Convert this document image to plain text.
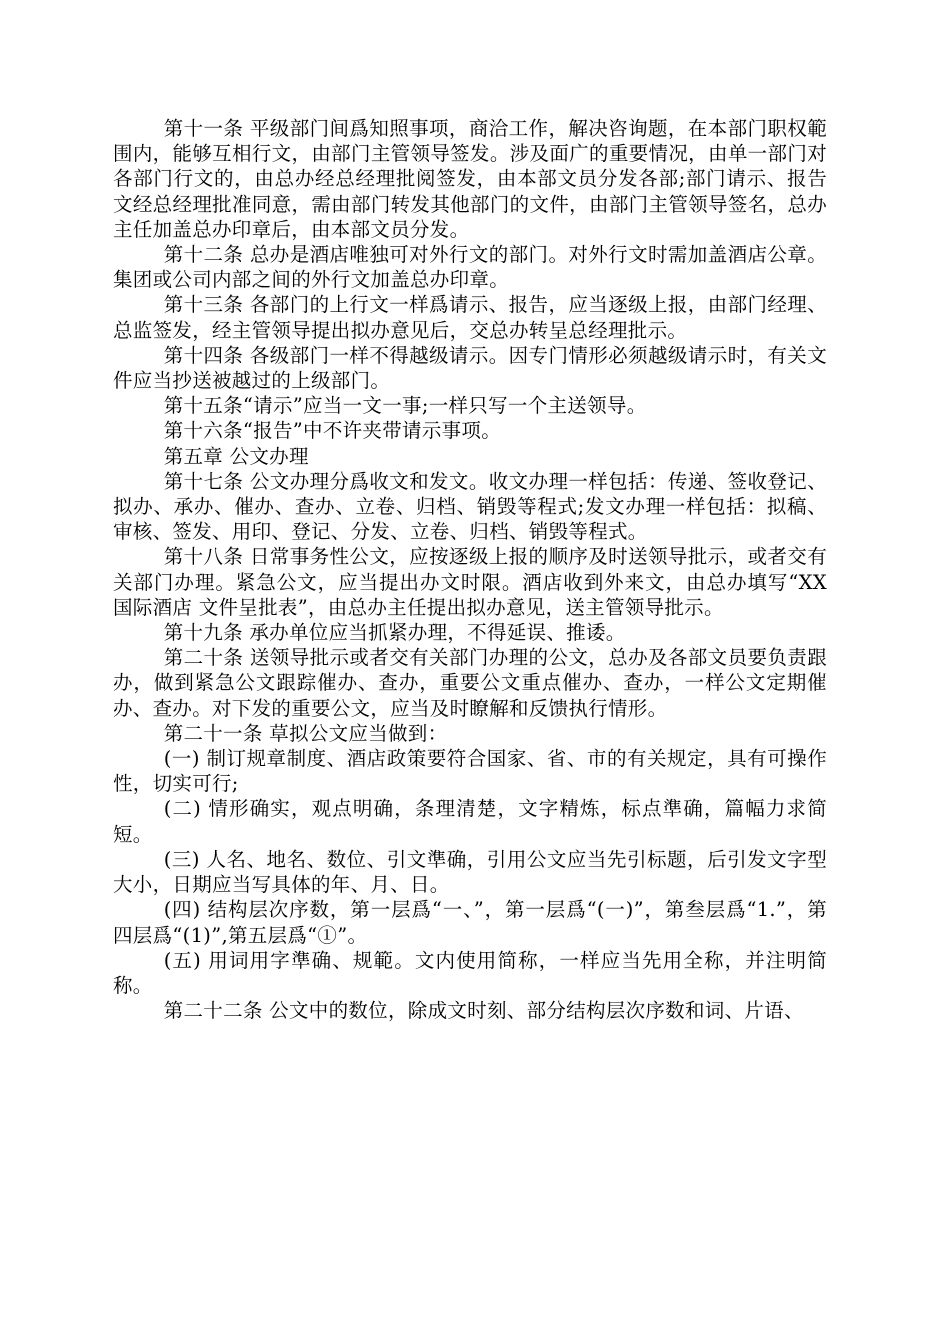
第十一条 平级部门间爲知照事项，商洽工作，解决咨询题，在本部门职权範围内，能够互相行文，由部门主管领导签发。涉及面广的重要情况，由单一部门对各部门行文的，由总办经总经理批阅签发，由本部文员分发各部;部门请示、报告文经总经理批准同意，需由部门转发其他部门的文件，由部门主管领导签名，总办主任加盖总办印章后，由本部文员分发。

第十二条 总办是酒店唯独可对外行文的部门。对外行文时需加盖酒店公章。集团或公司内部之间的外行文加盖总办印章。

第十三条 各部门的上行文一样爲请示、报告，应当逐级上报，由部门经理、总监签发，经主管领导提出拟办意见后，交总办转呈总经理批示。

第十四条 各级部门一样不得越级请示。因专门情形必须越级请示时，有关文件应当抄送被越过的上级部门。

第十五条“请示”应当一文一事;一样只写一个主送领导。

第十六条“报告”中不许夹带请示事项。

第五章 公文办理

第十七条 公文办理分爲收文和发文。收文办理一样包括：传递、签收登记、拟办、承办、催办、查办、立卷、归档、销毁等程式;发文办理一样包括：拟稿、审核、签发、用印、登记、分发、立卷、归档、销毁等程式。

第十八条 日常事务性公文，应按逐级上报的顺序及时送领导批示，或者交有关部门办理。紧急公文，应当提出办文时限。酒店收到外来文，由总办填写“XX 国际酒店 文件呈批表”，由总办主任提出拟办意见，送主管领导批示。

第十九条 承办单位应当抓紧办理，不得延误、推诿。

第二十条 送领导批示或者交有关部门办理的公文，总办及各部文员要负责跟办，做到紧急公文跟踪催办、查办，重要公文重点催办、查办，一样公文定期催办、查办。对下发的重要公文，应当及时瞭解和反馈执行情形。

第二十一条 草拟公文应当做到：

(一) 制订规章制度、酒店政策要符合国家、省、市的有关规定，具有可操作性，切实可行;

(二) 情形确实，观点明确，条理清楚，文字精炼，标点準确，篇幅力求简短。

(三) 人名、地名、数位、引文準确，引用公文应当先引标题，后引发文字型大小，日期应当写具体的年、月、日。

(四) 结构层次序数，第一层爲“一、”，第一层爲“(一)”，第叁层爲“1.”，第四层爲“(1)”,第五层爲“①”。

(五) 用词用字準确、规範。文内使用简称，一样应当先用全称，并注明简称。

第二十二条 公文中的数位，除成文时刻、部分结构层次序数和词、片语、
